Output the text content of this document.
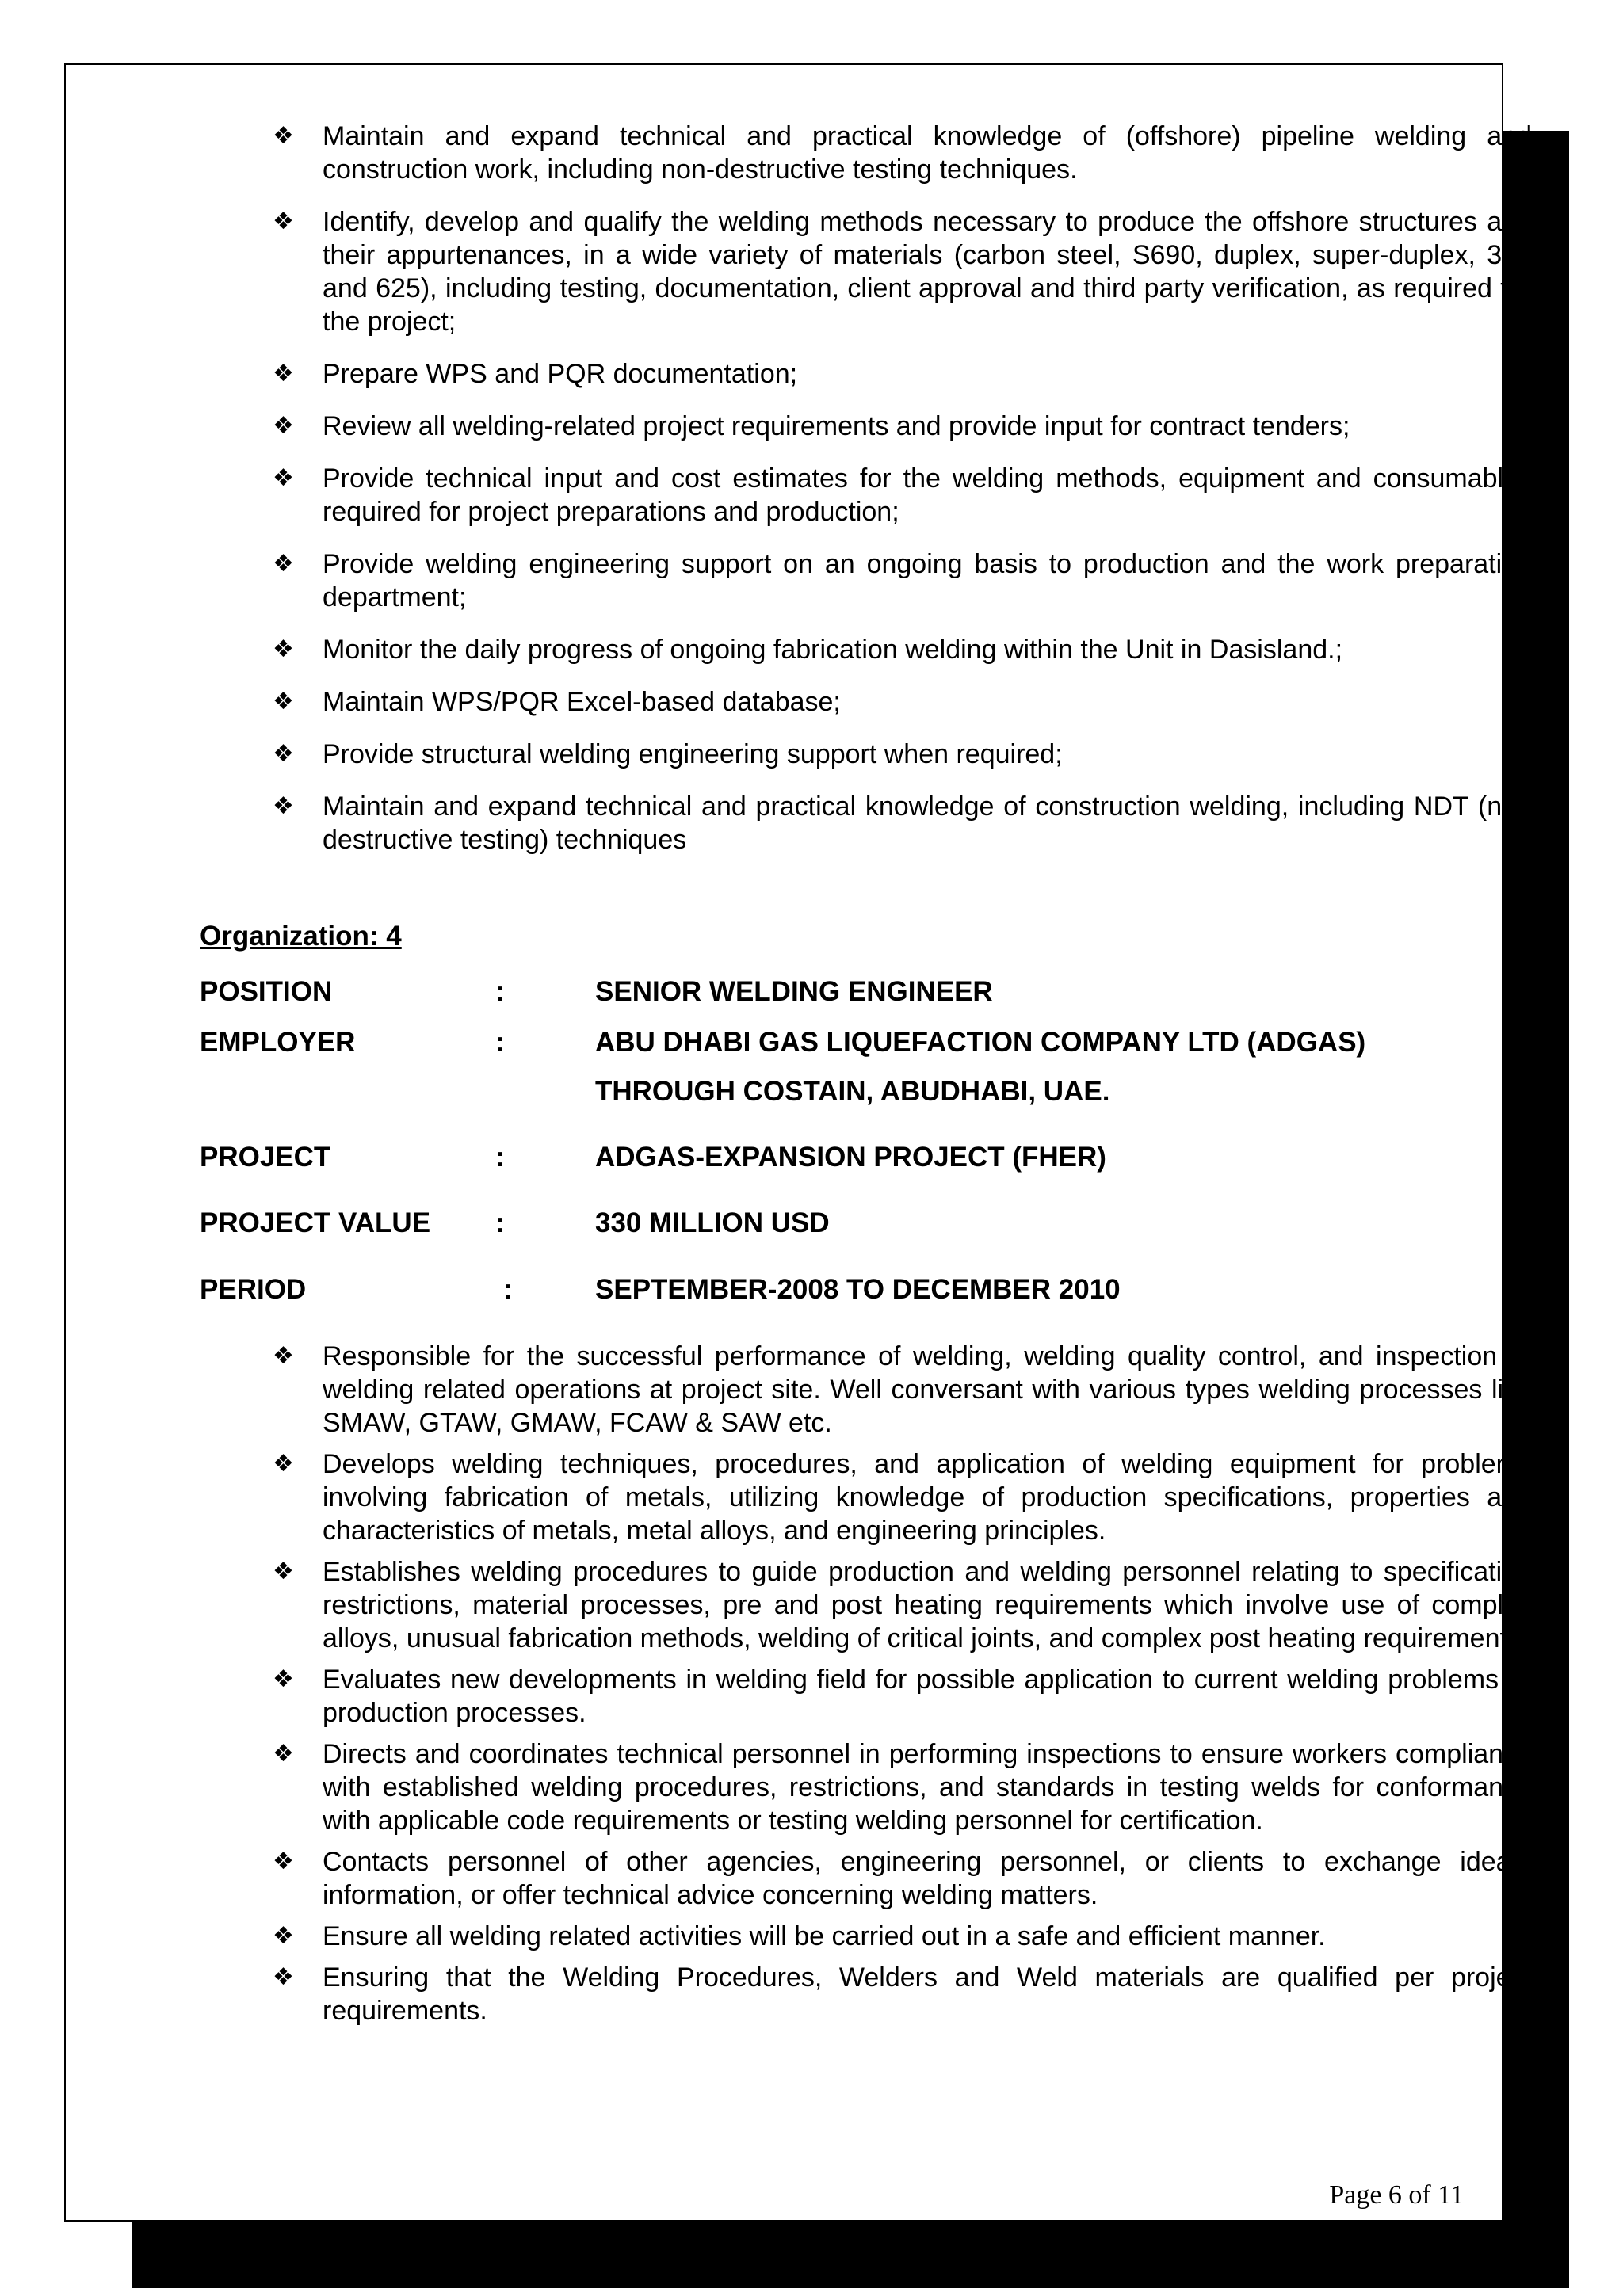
❖	Maintain and expand technical and practical knowledge of (offshore) pipeline welding and construction work, including non-destructive testing techniques.
❖	Identify, develop and qualify the welding methods necessary to produce the offshore structures and their appurtenances, in a wide variety of materials (carbon steel, S690, duplex, super-duplex, 316 and 625), including testing, documentation, client approval and third party verification, as required for the project;
❖	Prepare WPS and PQR documentation;
❖	Review all welding-related project requirements and provide input for contract tenders;
❖	Provide technical input and cost estimates for the welding methods, equipment and consumables required for project preparations and production;
❖	Provide welding engineering support on an ongoing basis to production and the work preparation department;
❖	Monitor the daily progress of ongoing fabrication welding within the Unit in Dasisland.;
❖	Maintain WPS/PQR Excel-based database;
❖	Provide structural welding engineering support when required;
❖	Maintain and expand technical and practical knowledge of construction welding, including NDT (non destructive testing) techniques
Organization: 4
POSITION	:	SENIOR WELDING ENGINEER
EMPLOYER	:	ABU DHABI GAS LIQUEFACTION COMPANY LTD (ADGAS)
THROUGH COSTAIN, ABUDHABI, UAE.
PROJECT	:	ADGAS-EXPANSION PROJECT (FHER)
PROJECT VALUE :	330 MILLION USD
PERIOD	:	SEPTEMBER-2008 TO DECEMBER 2010
❖	Responsible for the successful performance of welding, welding quality control, and inspection of welding related operations at project site. Well conversant with various types welding processes like SMAW, GTAW, GMAW, FCAW & SAW etc.
❖	Develops welding techniques, procedures, and application of welding equipment for problems involving fabrication of metals, utilizing knowledge of production specifications, properties and characteristics of metals, metal alloys, and engineering principles.
❖	Establishes welding procedures to guide production and welding personnel relating to specification restrictions, material processes, pre and post heating requirements which involve use of complex alloys, unusual fabrication methods, welding of critical joints, and complex post heating requirements.
❖	Evaluates new developments in welding field for possible application to current welding problems or production processes.
❖	Directs and coordinates technical personnel in performing inspections to ensure workers compliance with established welding procedures, restrictions, and standards in testing welds for conformance with applicable code requirements or testing welding personnel for certification.
❖	Contacts personnel of other agencies, engineering personnel, or clients to exchange ideas, information, or offer technical advice concerning welding matters.
❖	Ensure all welding related activities will be carried out in a safe and efficient manner.
❖	Ensuring that the Welding Procedures, Welders and Weld materials are qualified per project requirements.
Page 6 of 11
